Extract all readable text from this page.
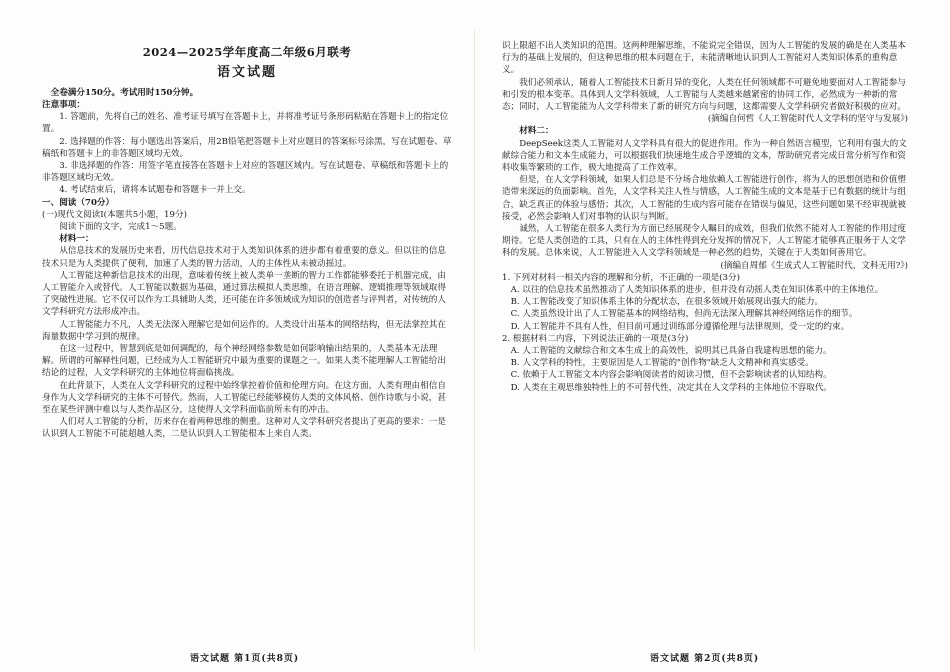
2024—2025学年度高二年级6月联考

语文试题

全卷满分150分。考试用时150分钟。

注意事项：

1. 答题前，先将自己的姓名、准考证号填写在答题卡上，并将准考证号条形码粘贴在答题卡上的指定位置。

2. 选择题的作答：每小题选出答案后，用2B铅笔把答题卡上对应题目的答案标号涂黑，写在试题卷、草稿纸和答题卡上的非答题区域均无效。

3. 非选择题的作答：用签字笔直接答在答题卡上对应的答题区域内。写在试题卷、草稿纸和答题卡上的非答题区域均无效。

4. 考试结束后，请将本试题卷和答题卡一并上交。

一、阅读（70分）

(一)现代文阅读Ⅰ(本题共5小题，19分)

阅读下面的文字，完成1～5题。

材料一：

从信息技术的发展历史来看，历代信息技术对于人类知识体系的进步都有着重要的意义。但以往的信息技术只是为人类提供了便利，加速了人类的智力活动，人的主体性从未被动摇过。

人工智能这种新信息技术的出现，意味着传统上被人类单一垄断的智力工作都能够委托于机器完成，由人工智能介入或替代。人工智能以数据为基础，通过算法模拟人类思维，在语言理解、逻辑推理等领域取得了突破性进展。它不仅可以作为工具辅助人类，还可能在许多领域成为知识的创造者与评判者，对传统的人文学科研究方法形成冲击。

人工智能能力不凡，人类无法深入理解它是如何运作的。人类设计出基本的网络结构，但无法掌控其在海量数据中学习到的规律。

在这一过程中，智慧到底是如何调配的，每个神经网络参数是如何影响输出结果的，人类基本无法理解。所谓的可解释性问题，已经成为人工智能研究中最为重要的课题之一。如果人类不能理解人工智能给出结论的过程，人文学科研究的主体地位将面临挑战。

在此背景下，人类在人文学科研究的过程中始终掌控着价值和伦理方向。在这方面，人类有理由相信自身作为人文学科研究的主体不可替代。然而，人工智能已经能够模仿人类的文体风格、创作诗歌与小说，甚至在某些评测中难以与人类作品区分，这使得人文学科面临前所未有的冲击。

人们对人工智能的分析，历来存在着两种思维的侧重。这种对人文学科研究者提出了更高的要求：一是认识到人工智能不可能超越人类，二是认识到人工智能根本上来自人类。

语文试题 第1页(共8页)

识上限超不出人类知识的范围。这两种理解思维，不能说完全错误，因为人工智能的发展的确是在人类基本行为的基础上发展的，但这种思维的根本问题在于，未能清晰地认识到人工智能对人类知识体系的重构意义。

我们必须承认，随着人工智能技术日新月异的变化，人类在任何领域都不可避免地要面对人工智能参与和引发的根本变革。具体到人文学科领域，人工智能与人类越来越紧密的协同工作，必然成为一种新的常态；同时，人工智能能为人文学科带来了新的研究方向与问题，这都需要人文学科研究者做好积极的应对。

(摘编自何哲《人工智能时代人文学科的坚守与发展》)

材料二：

DeepSeek这类人工智能对人文学科具有很大的促进作用。作为一种自然语言模型，它利用有强大的文献综合能力和文本生成能力，可以根据我们快速地生成合乎逻辑的文本，帮助研究者完成日常分析写作和资料收集等繁琐的工作，极大地提高了工作效率。

但是，在人文学科领域，如果人们总是不分场合地依赖人工智能进行创作，将为人的思想创造和价值塑造带来深远的负面影响。首先，人文学科关注人性与情感，人工智能生成的文本是基于已有数据的统计与组合，缺乏真正的体验与感悟；其次，人工智能的生成内容可能存在错误与偏见，这些问题如果不经审视就被接受，必然会影响人们对事物的认识与判断。

诚然，人工智能在很多人类行为方面已经展现令人瞩目的成效，但我们依然不能对人工智能的作用过度期待。它是人类创造的工具，只有在人的主体性得到充分发挥的情况下，人工智能才能够真正服务于人文学科的发展。总体来说，人工智能进入人文学科领域是一种必然的趋势，关键在于人类如何善用它。

(摘编自周郁《生成式人工智能时代，文科无用?》)

1. 下列对材料一相关内容的理解和分析，不正确的一项是(3分)

A. 以往的信息技术虽然推动了人类知识体系的进步，但并没有动摇人类在知识体系中的主体地位。

B. 人工智能改变了知识体系主体的分配状态，在很多领域开始展现出强大的能力。

C. 人类虽然设计出了人工智能基本的网络结构，但尚无法深入理解其神经网络运作的细节。

D. 人工智能并不具有人性，但目前可通过训练部分遵循伦理与法律规则，受一定的约束。

2. 根据材料二内容，下列说法正确的一项是(3分)

A. 人工智能的文献综合和文本生成上的高效性，说明其已具备自我建构思想的能力。

B. 人文学科的特性，主要原因是人工智能的"创作物"缺乏人文精神和真实感受。

C. 依赖于人工智能文本内容会影响阅读者的阅读习惯，但不会影响读者的认知结构。

D. 人类在主观思维独特性上的不可替代性，决定其在人文学科的主体地位不容取代。

语文试题 第2页(共8页)
